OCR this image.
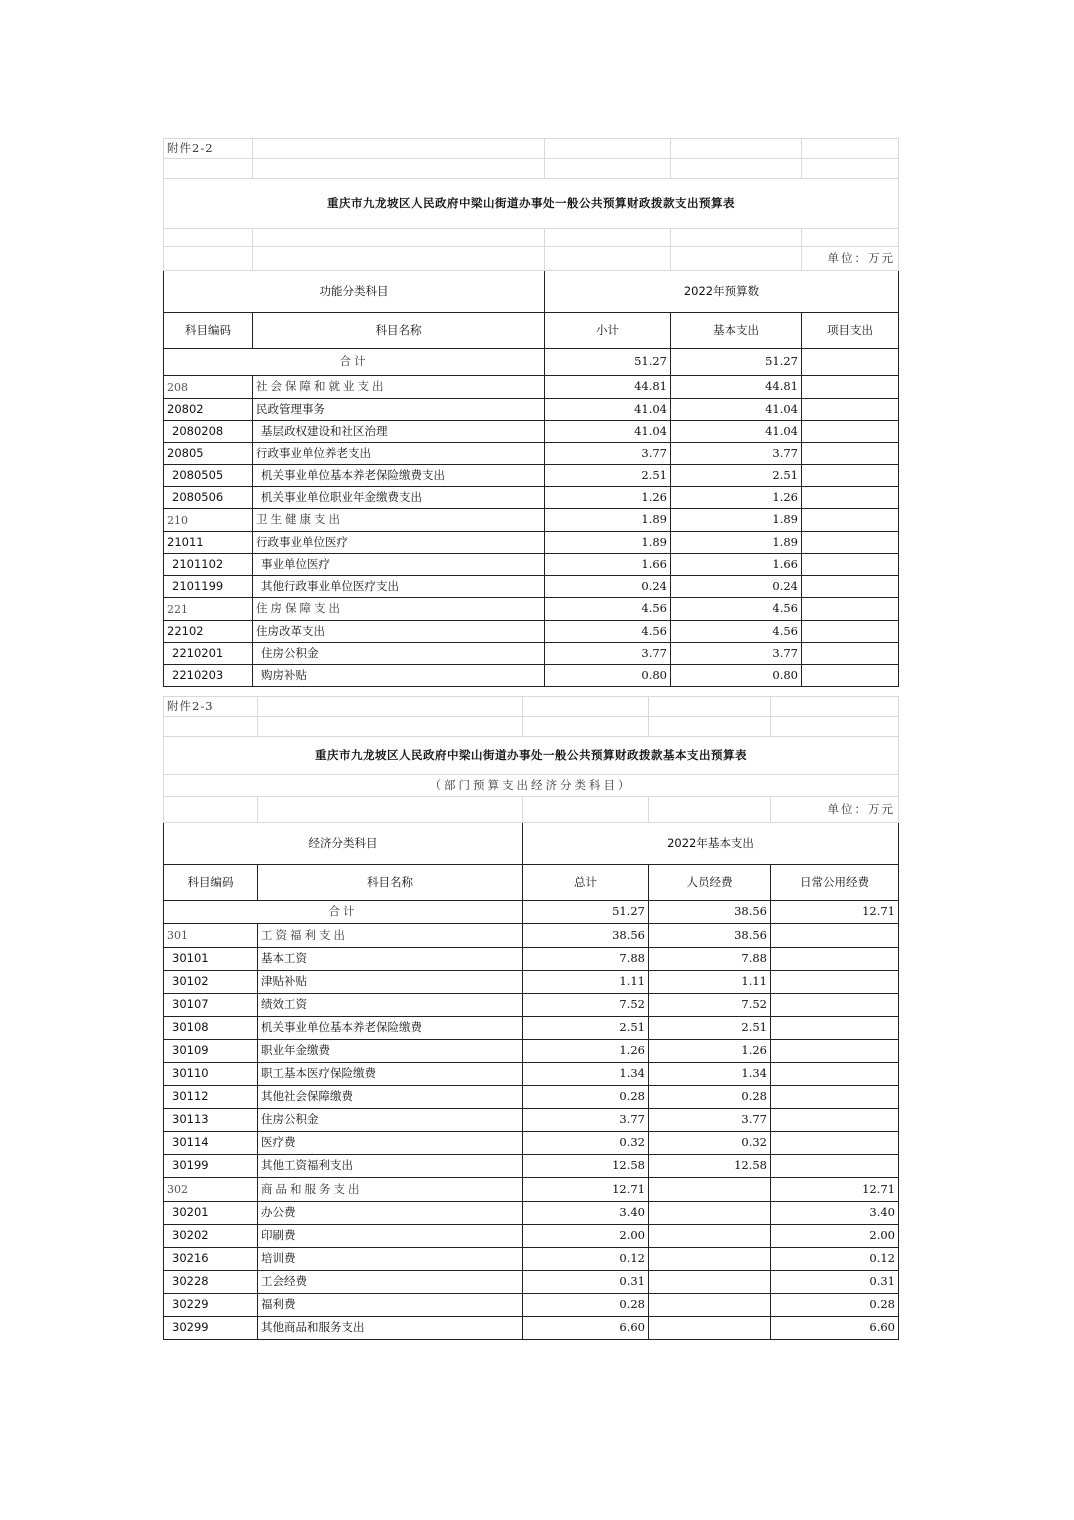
附件2-2				

重庆市九龙坡区人民政府中梁山街道办事处一般公共预算财政拨款支出预算表				

				单位：万元
功能分类科目		2022年预算数		
科目编码	科目名称	小计	基本支出	项目支出
合计		51.27	51.27	
208	社会保障和就业支出	44.81	44.81	
20802	民政管理事务	41.04	41.04	
2080208	基层政权建设和社区治理	41.04	41.04	
20805	行政事业单位养老支出	3.77	3.77	
2080505	机关事业单位基本养老保险缴费支出	2.51	2.51	
2080506	机关事业单位职业年金缴费支出	1.26	1.26	
210	卫生健康支出	1.89	1.89	
21011	行政事业单位医疗	1.89	1.89	
2101102	事业单位医疗	1.66	1.66	
2101199	其他行政事业单位医疗支出	0.24	0.24	
221	住房保障支出	4.56	4.56	
22102	住房改革支出	4.56	4.56	
2210201	住房公积金	3.77	3.77	
2210203	购房补贴	0.80	0.80	
附件2-3				

重庆市九龙坡区人民政府中梁山街道办事处一般公共预算财政拨款基本支出预算表				
（部门预算支出经济分类科目）				
				单位：万元
经济分类科目		2022年基本支出		
科目编码	科目名称	总计	人员经费	日常公用经费
合计		51.27	38.56	12.71
301	工资福利支出	38.56	38.56	
30101	基本工资	7.88	7.88	
30102	津贴补贴	1.11	1.11	
30107	绩效工资	7.52	7.52	
30108	机关事业单位基本养老保险缴费	2.51	2.51	
30109	职业年金缴费	1.26	1.26	
30110	职工基本医疗保险缴费	1.34	1.34	
30112	其他社会保障缴费	0.28	0.28	
30113	住房公积金	3.77	3.77	
30114	医疗费	0.32	0.32	
30199	其他工资福利支出	12.58	12.58	
302	商品和服务支出	12.71		12.71
30201	办公费	3.40		3.40
30202	印刷费	2.00		2.00
30216	培训费	0.12		0.12
30228	工会经费	0.31		0.31
30229	福利费	0.28		0.28
30299	其他商品和服务支出	6.60		6.60
